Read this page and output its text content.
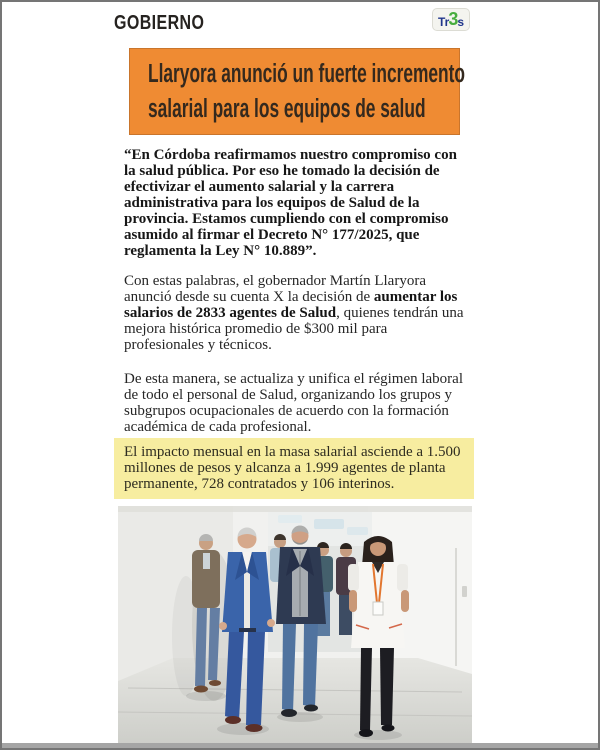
GOBIERNO	Tr 3 s
Llaryora anunció un fuerte incremento
salarial para los equipos de salud

“En Córdoba reafirmamos nuestro compromiso con la salud pública. Por eso he tomado la decisión de efectivizar el aumento salarial y la carrera administrativa para los equipos de Salud de la provincia. Estamos cumpliendo con el compromiso asumido al firmar el Decreto N° 177/2025, que reglamenta la Ley N° 10.889”.

Con estas palabras, el gobernador Martín Llaryora anunció desde su cuenta X la decisión de aumentar los salarios de 2833 agentes de Salud, quienes tendrán una mejora histórica promedio de $300 mil para profesionales y técnicos.

De esta manera, se actualiza y unifica el régimen laboral de todo el personal de Salud, organizando los grupos y subgrupos ocupacionales de acuerdo con la formación académica de cada profesional.

El impacto mensual en la masa salarial asciende a 1.500 millones de pesos y alcanza a 1.999 agentes de planta permanente, 728 contratados y 106 interinos.
